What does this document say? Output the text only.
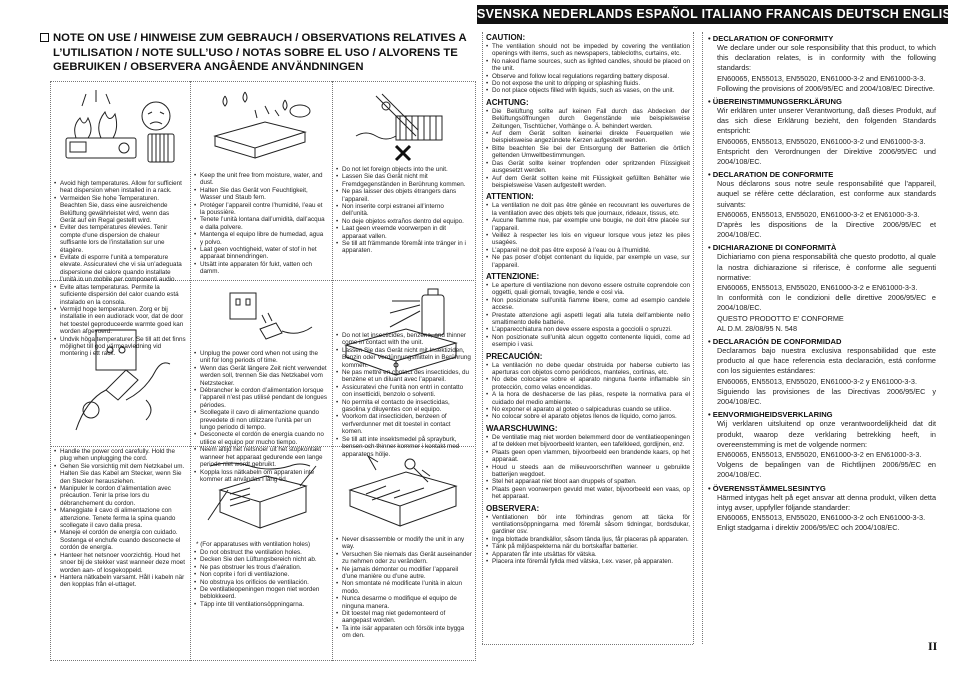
SVENSKA NEDERLANDS ESPAÑOL ITALIANO FRANCAIS DEUTSCH ENGLISH
NOTE ON USE / HINWEISE ZUM GEBRAUCH / OBSERVATIONS RELATIVES A L’UTILISATION / NOTE SULL’USO / NOTAS SOBRE EL USO / ALVORENS TE GEBRUIKEN / OBSERVERA ANGÅENDE ANVÄNDNINGEN
• Avoid high temperatures. Allow for sufficient heat dispersion when installed in a rack.
• Vermeiden Sie hohe Temperaturen. Beachten Sie, dass eine ausreichende Belüftung gewährleistet wird, wenn das Gerät auf ein Regal gestellt wird.
• Eviter des températures élevées. Tenir compte d’une dispersion de chaleur suffisante lors de l’installation sur une étagère.
• Evitate di esporre l’unità a temperature elevate. Assicuratevi che vi sia un’adeguata dispersione del calore quando installate l’unità in un mobile per componenti audio.
• Evite altas temperaturas. Permite la suficiente dispersión del calor cuando está instalado en la consola.
• Vermijd hoge temperaturen. Zorg er bij installatie in een audiorack voor, dat de door het toestel geproduceerde warmte goed kan worden afgevoerd.
• Undvik höga temperaturer. Se till att det finns möjlighet till god värmeavledning vid montering i ett rack.
• Keep the unit free from moisture, water, and dust.
• Halten Sie das Gerät von Feuchtigkeit, Wasser und Staub fern.
• Protéger l’appareil contre l’humidité, l’eau et la poussière.
• Tenete l’unità lontana dall’umidità, dall’acqua e dalla polvere.
• Mantenga el equipo libre de humedad, agua y polvo.
• Laat geen vochtigheid, water of stof in het apparaat binnendringen.
• Utsätt inte apparaten för fukt, vatten och damm.
• Do not let foreign objects into the unit.
• Lassen Sie das Gerät nicht mit Fremdgegenständen in Berührung kommen.
• Ne pas laisser des objets étrangers dans l’appareil.
• Non inserite corpi estranei all’interno dell’unità.
• No deje objetos extraños dentro del equipo.
• Laat geen vreemde voorwerpen in dit apparaat vallen.
• Se till att främmande föremål inte tränger in i apparaten.
• Handle the power cord carefully. Hold the plug when unplugging the cord.
• Gehen Sie vorsichtig mit dem Netzkabel um. Halten Sie das Kabel am Stecker, wenn Sie den Stecker herausziehen.
• Manipuler le cordon d’alimentation avec précaution. Tenir la prise lors du débranchement du cordon.
• Maneggiate il cavo di alimentazione con attenzione. Tenete ferma la spina quando scollegate il cavo dalla presa.
• Maneje el cordón de energía con cuidado. Sostenga el enchufe cuando desconecte el cordón de energía.
• Hanteer het netsnoer voorzichtig. Houd het snoer bij de stekker vast wanneer deze moet worden aan- of losgekoppeld.
• Hantera nätkabeln varsamt. Håll i kabeln när den kopplas från el-uttaget.
• Unplug the power cord when not using the unit for long periods of time.
• Wenn das Gerät längere Zeit nicht verwendet werden soll, trennen Sie das Netzkabel vom Netzstecker.
• Débrancher le cordon d’alimentation lorsque l’appareil n’est pas utilisé pendant de longues périodes.
• Scollegate il cavo di alimentazione quando prevedete di non utilizzare l’unità per un lungo periodo di tempo.
• Desconecte el cordón de energía cuando no utilice el equipo por mucho tiempo.
• Neem altijd het netsnoer uit het stopkontakt wanneer het apparaat gedurende een lange periode niet wordt gebruikt.
• Koppla loss nätkabeln om apparaten inte kommer att användas i lång tid.
• Do not let insecticides, benzene, and thinner come in contact with the unit.
• Lassen Sie das Gerät nicht mit Insektiziden, Benzin oder Verdünnungsmitteln in Berührung kommen.
• Ne pas mettre en contact des insecticides, du benzène et un diluant avec l’appareil.
• Assicuratevi che l’unità non entri in contatto con insetticidi, benzolo o solventi.
• No permita el contacto de insecticidas, gasolina y diluyentes con el equipo.
• Voorkom dat insecticiden, benzeen of verfverdunner met dit toestel in contact komen.
• Se till att inte insektsmedel på sprayburk, bensen och thinner kommer i kontakt med apparatens hölje.
* (For apparatuses with ventilation holes)
• Do not obstruct the ventilation holes.
• Decken Sie den Lüftungsbereich nicht ab.
• Ne pas obstruer les trous d’aération.
• Non coprite i fori di ventilazione.
• No obstruya los orificios de ventilación.
• De ventilatieopeningen mogen niet worden beblokkeerd.
• Täpp inte till ventilationsöppningarna.
• Never disassemble or modify the unit in any way.
• Versuchen Sie niemals das Gerät auseinander zu nehmen oder zu verändern.
• Ne jamais démonter ou modifier l’appareil d’une manière ou d’une autre.
• Non smontate né modificate l’unità in alcun modo.
• Nunca desarme o modifique el equipo de ninguna manera.
• Dit toestel mag niet gedemonteerd of aangepast worden.
• Ta inte isär apparaten och försök inte bygga om den.
CAUTION:
• The ventilation should not be impeded by covering the ventilation openings with items, such as newspapers, tablecloths, curtains, etc.
• No naked flame sources, such as lighted candles, should be placed on the unit.
• Observe and follow local regulations regarding battery disposal.
• Do not expose the unit to dripping or splashing fluids.
• Do not place objects filled with liquids, such as vases, on the unit.
ACHTUNG:
• Die Belüftung sollte auf keinen Fall durch das Abdecken der Belüftungsöffnungen durch Gegenstände wie beispielsweise Zeitungen, Tischtücher, Vorhänge o. Ä. behindert werden.
• Auf dem Gerät sollten keinerlei direkte Feuerquellen wie beispielsweise angezündete Kerzen aufgestellt werden.
• Bitte beachten Sie bei der Entsorgung der Batterien die örtlich geltenden Umweltbestimmungen.
• Das Gerät sollte keiner tropfenden oder spritzenden Flüssigkeit ausgesetzt werden.
• Auf dem Gerät sollten keine mit Flüssigkeit gefüllten Behälter wie beispielsweise Vasen aufgestellt werden.
ATTENTION:
• La ventilation ne doit pas être gênée en recouvrant les ouvertures de la ventilation avec des objets tels que journaux, rideaux, tissus, etc.
• Aucune flamme nue, par exemple une bougie, ne doit être placée sur l’appareil.
• Veillez à respecter les lois en vigueur lorsque vous jetez les piles usagées.
• L’appareil ne doit pas être exposé à l’eau ou à l’humidité.
• Ne pas poser d’objet contenant du liquide, par exemple un vase, sur l’appareil.
ATTENZIONE:
• Le aperture di ventilazione non devono essere ostruite coprendole con oggetti, quali giornali, tovaglie, tende e così via.
• Non posizionate sull’unità fiamme libere, come ad esempio candele accese.
• Prestate attenzione agli aspetti legati alla tutela dell’ambiente nello smaltimento delle batterie.
• L’apparecchiatura non deve essere esposta a gocciolii o spruzzi.
• Non posizionate sull’unità alcun oggetto contenente liquidi, come ad esempio i vasi.
PRECAUCIÓN:
• La ventilación no debe quedar obstruida por haberse cubierto las aperturas con objetos como periódicos, manteles, cortinas, etc.
• No debe colocarse sobre el aparato ninguna fuente inflamable sin protección, como velas encendidas.
• A la hora de deshacerse de las pilas, respete la normativa para el cuidado del medio ambiente.
• No exponer el aparato al goteo o salpicaduras cuando se utilice.
• No colocar sobre el aparato objetos llenos de líquido, como jarros.
WAARSCHUWING:
• De ventilatie mag niet worden belemmerd door de ventilatieopeningen af te dekken met bijvoorbeeld kranten, een tafelkleed, gordijnen, enz.
• Plaats geen open vlammen, bijvoorbeeld een brandende kaars, op het apparaat.
• Houd u steeds aan de milieuvoorschriften wanneer u gebruikte batterijen wegdoet.
• Stel het apparaat niet bloot aan druppels of spatten.
• Plaats geen voorwerpen gevuld met water, bijvoorbeeld een vaas, op het apparaat.
OBSERVERA:
• Ventilationen bör inte förhindras genom att täcka för ventilationsöppningarna med föremål såsom tidningar, bordsdukar, gardiner osv.
• Inga blottade brandkällor, såsom tända ljus, får placeras på apparaten.
• Tänk på miljöaspekterna när du bortskaffar batterier.
• Apparaten får inte utsättas för vätska.
• Placera inte föremål fyllda med vätska, t.ex. vaser, på apparaten.
• DECLARATION OF CONFORMITY

We declare under our sole responsibility that this product, to which this declaration relates, is in conformity with the following standards:

EN60065, EN55013, EN55020, EN61000-3-2 and EN61000-3-3.

Following the provisions of 2006/95/EC and 2004/108/EC Directive.

• ÜBEREINSTIMMUNGSERKLÄRUNG

Wir erklären unter unserer Verantwortung, daß dieses Produkt, auf das sich diese Erklärung bezieht, den folgenden Standards entspricht:

EN60065, EN55013, EN55020, EN61000-3-2 und EN61000-3-3.

Entspricht den Verordnungen der Direktive 2006/95/EC und 2004/108/EC.

• DECLARATION DE CONFORMITE

Nous déclarons sous notre seule responsabilité que l’appareil, auquel se réfère cette déclaration, est conforme aux standards suivants:

EN60065, EN55013, EN55020, EN61000-3-2 et EN61000-3-3.

D’après les dispositions de la Directive 2006/95/EC et 2004/108/EC.

• DICHIARAZIONE DI CONFORMITÀ

Dichiariamo con piena responsabilità che questo prodotto, al quale la nostra dichiarazione si riferisce, è conforme alle seguenti normative:

EN60065, EN55013, EN55020, EN61000-3-2 e EN61000-3-3.

In conformità con le condizioni delle direttive 2006/95/EC e 2004/108/EC.

QUESTO PRODOTTO E’ CONFORME

AL D.M. 28/08/95 N. 548

• DECLARACIÓN DE CONFORMIDAD

Declaramos bajo nuestra exclusiva responsabilidad que este producto al que hace referencia esta declaración, está conforme con los siguientes estándares:

EN60065, EN55013, EN55020, EN61000-3-2 y EN61000-3-3.

Siguiendo las provisiones de las Directivas 2006/95/EC y 2004/108/EC.

• EENVORMIGHEIDSVERKLARING

Wij verklaren uitsluitend op onze verantwoordelijkheid dat dit produkt, waarop deze verklaring betrekking heeft, in overeenstemming is met de volgende normen:

EN60065, EN55013, EN55020, EN61000-3-2 en EN61000-3-3.

Volgens de bepalingen van de Richtlijnen 2006/95/EC en 2004/108/EC.

• ÖVERENSSTÄMMELSESINTYG

Härmed intygas helt på eget ansvar att denna produkt, vilken detta intyg avser, uppfyller följande standarder:

EN60065, EN55013, EN55020, EN61000-3-2 och EN61000-3-3.

Enligt stadgarna i direktiv 2006/95/EC och 2004/108/EC.

II
